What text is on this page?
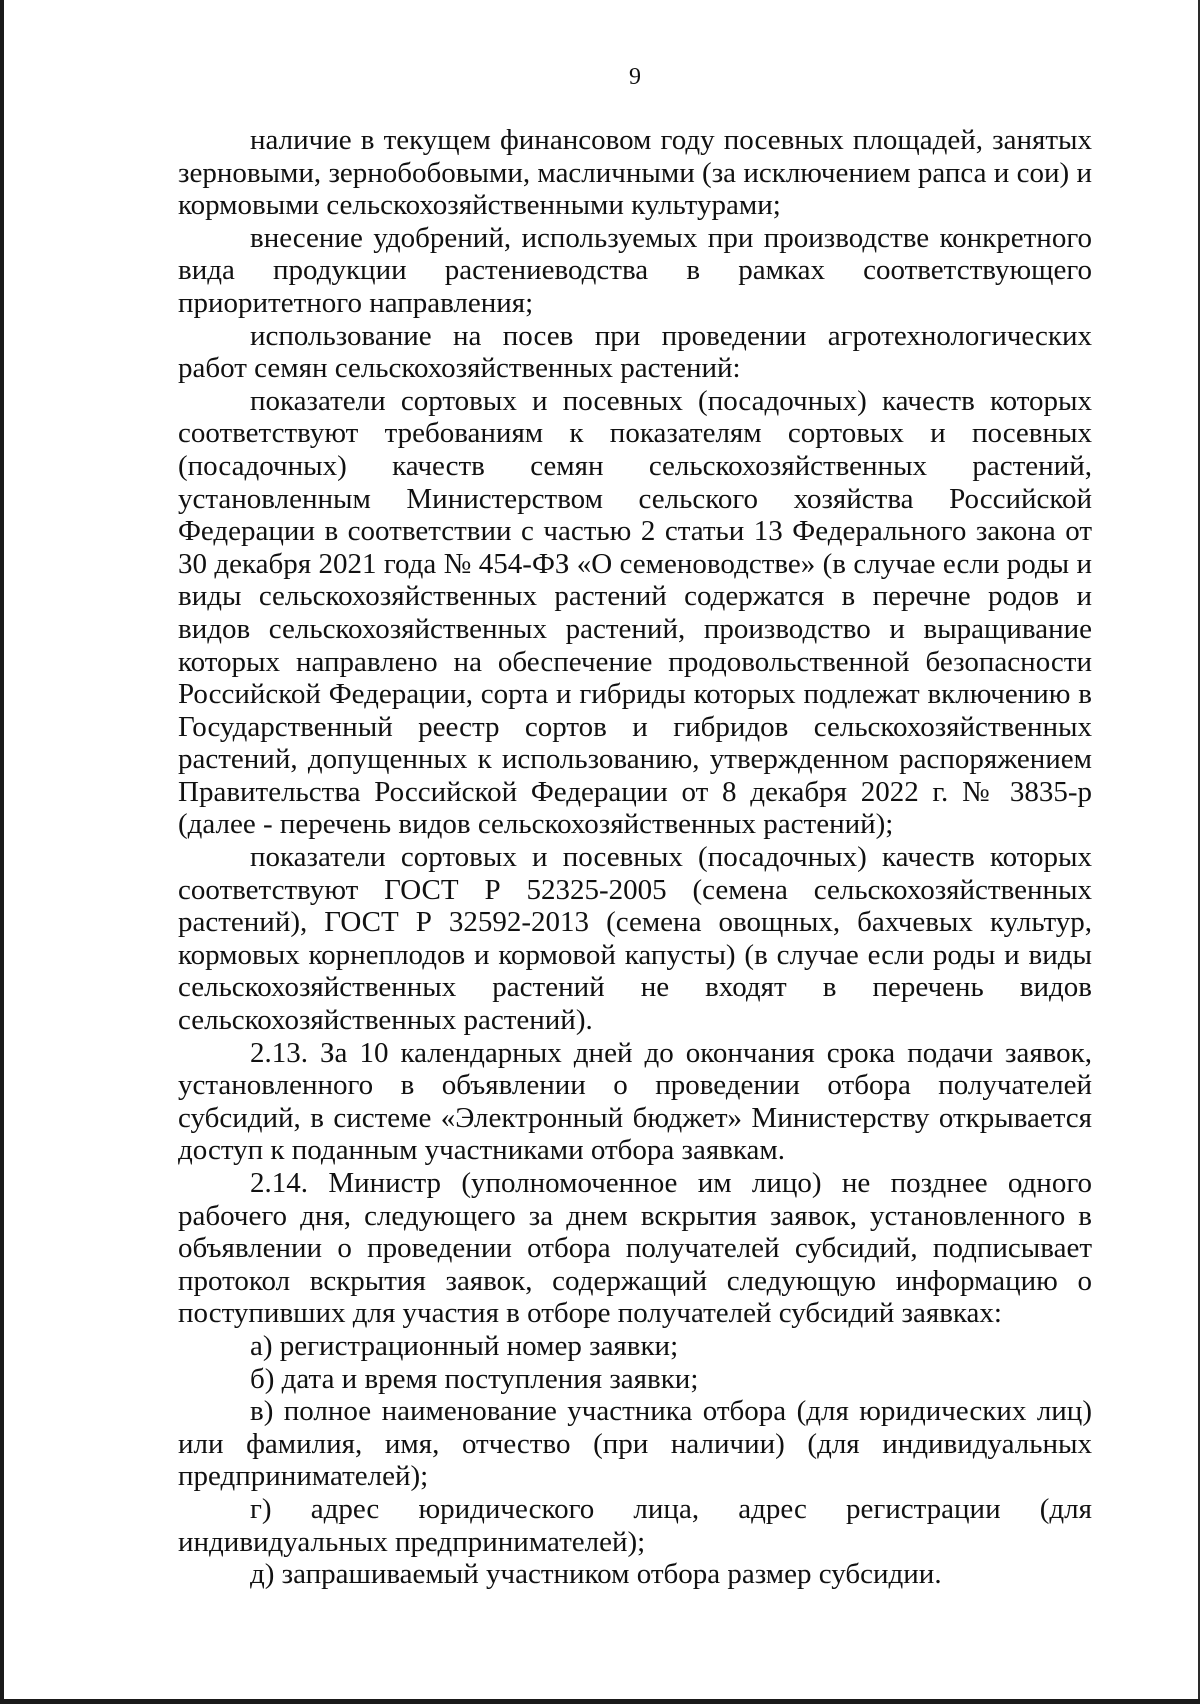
9

наличие в текущем финансовом году посевных площадей, занятых зерновыми, зернобобовыми, масличными (за исключением рапса и сои) и кормовыми сельскохозяйственными культурами;

внесение удобрений, используемых при производстве конкретного вида продукции растениеводства в рамках соответствующего приоритетного направления;

использование на посев при проведении агротехнологических работ семян сельскохозяйственных растений:

показатели сортовых и посевных (посадочных) качеств которых соответствуют требованиям к показателям сортовых и посевных (посадочных) качеств семян сельскохозяйственных растений, установленным Министерством сельского хозяйства Российской Федерации в соответствии с частью 2 статьи 13 Федерального закона от 30 декабря 2021 года № 454-ФЗ «О семеноводстве» (в случае если роды и виды сельскохозяйственных растений содержатся в перечне родов и видов сельскохозяйственных растений, производство и выращивание которых направлено на обеспечение продовольственной безопасности Российской Федерации, сорта и гибриды которых подлежат включению в Государственный реестр сортов и гибридов сельскохозяйственных растений, допущенных к использованию, утвержденном распоряжением Правительства Российской Федерации от 8 декабря 2022 г. № 3835-р (далее - перечень видов сельскохозяйственных растений);

показатели сортовых и посевных (посадочных) качеств которых соответствуют ГОСТ Р 52325-2005 (семена сельскохозяйственных растений), ГОСТ Р 32592-2013 (семена овощных, бахчевых культур, кормовых корнеплодов и кормовой капусты) (в случае если роды и виды сельскохозяйственных растений не входят в перечень видов сельскохозяйственных растений).

2.13. За 10 календарных дней до окончания срока подачи заявок, установленного в объявлении о проведении отбора получателей субсидий, в системе «Электронный бюджет» Министерству открывается доступ к поданным участниками отбора заявкам.

2.14. Министр (уполномоченное им лицо) не позднее одного рабочего дня, следующего за днем вскрытия заявок, установленного в объявлении о проведении отбора получателей субсидий, подписывает протокол вскрытия заявок, содержащий следующую информацию о поступивших для участия в отборе получателей субсидий заявках:

а) регистрационный номер заявки;

б) дата и время поступления заявки;

в) полное наименование участника отбора (для юридических лиц) или фамилия, имя, отчество (при наличии) (для индивидуальных предпринимателей);

г) адрес юридического лица, адрес регистрации (для индивидуальных предпринимателей);

д) запрашиваемый участником отбора размер субсидии.
